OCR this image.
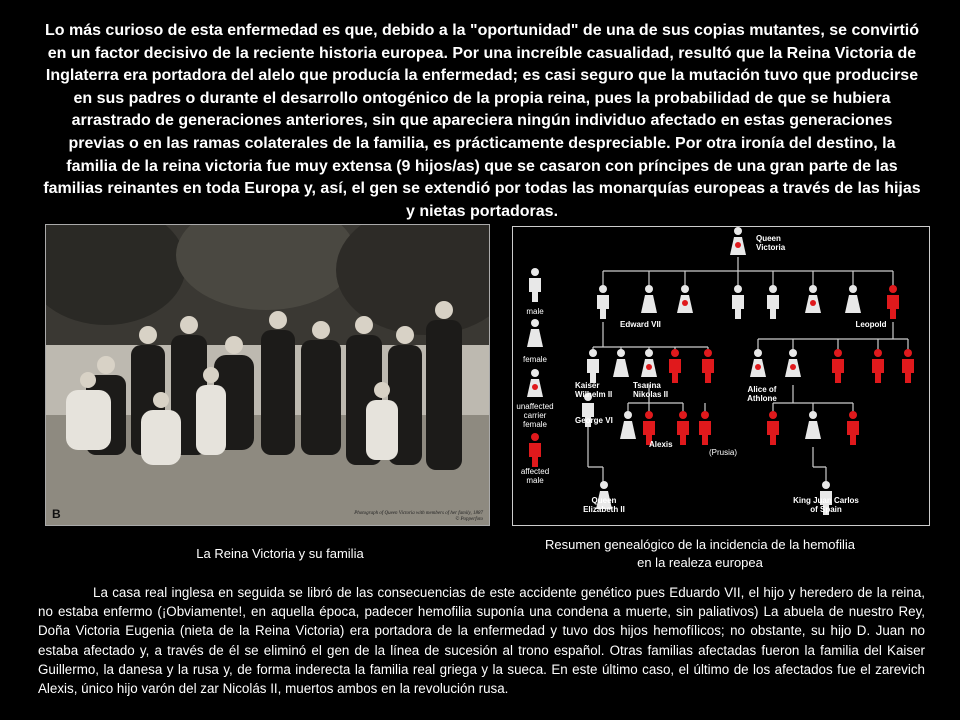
Lo más curioso de esta enfermedad es que, debido a la "oportunidad" de una de sus copias mutantes, se convirtió en un factor decisivo de la reciente historia europea. Por una increíble casualidad, resultó que la Reina Victoria de Inglaterra era portadora del alelo que producía la enfermedad; es casi seguro que la mutación tuvo que producirse en sus padres o durante el desarrollo ontogénico de la propia reina, pues la probabilidad de que se hubiera arrastrado de generaciones anteriores, sin que apareciera ningún individuo afectado en estas generaciones previas o en las ramas colaterales de la familia, es prácticamente despreciable. Por otra ironía del destino, la familia de la reina victoria fue muy extensa (9 hijos/as) que se casaron con príncipes de una gran parte de las familias reinantes en toda Europa y, así, el gen se extendió por todas las monarquías europeas a través de las hijas y nietas portadoras.
B	Photograph of Queen Victoria with members of her family, 1887
© Popperfoto
male
female
unaffected
carrier
female
affected
male
Queen
Victoria
Edward VII	Leopold
Kaiser
Wilhelm II
Tsarina
Nikolas II
Alice of
Athlone
George VI
Alexis
(Prusia)
Queen
Elizabeth II
King Juan Carlos
of Spain
La Reina Victoria y su familia
Resumen genealógico de la incidencia de la hemofilia
en la realeza europea
La casa real inglesa en seguida se libró de las consecuencias de este accidente genético pues Eduardo VII, el hijo y heredero de la reina, no estaba enfermo (¡Obviamente!, en aquella época, padecer hemofilia suponía una condena a muerte, sin paliativos) La abuela de nuestro Rey, Doña Victoria Eugenia (nieta de la Reina Victoria) era portadora de la enfermedad y tuvo dos hijos hemofílicos; no obstante, su hijo D. Juan no estaba afectado y, a través de él se eliminó el gen de la línea de sucesión al trono español. Otras familias afectadas fueron la familia del Kaiser Guillermo, la danesa y la rusa y, de forma inderecta la familia real griega y la sueca. En este último caso, el último de los afectados fue el zarevich Alexis, único hijo varón del zar Nicolás II, muertos ambos en la revolución rusa.
